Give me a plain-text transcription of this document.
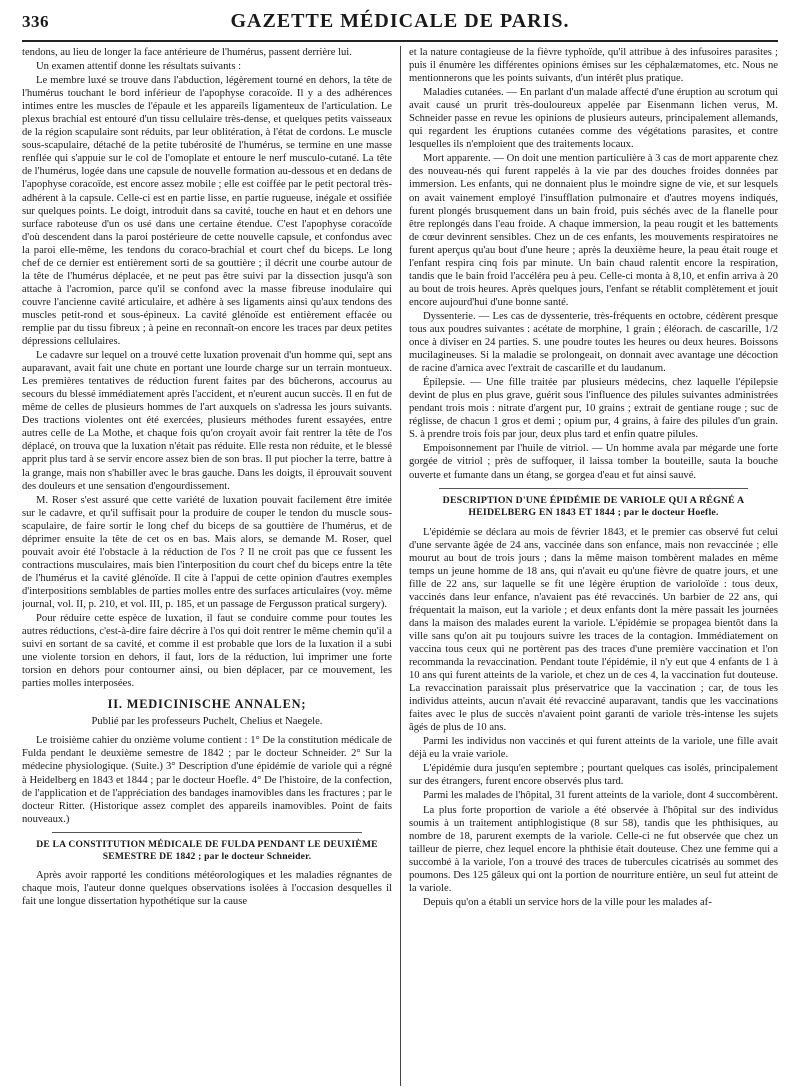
336	GAZETTE MÉDICALE DE PARIS.

tendons, au lieu de longer la face antérieure de l'humérus, passent derrière lui.

Un examen attentif donne les résultats suivants :

Le membre luxé se trouve dans l'abduction, légèrement tourné en dehors, la tête de l'humérus touchant le bord inférieur de l'apophyse coracoïde. Il y a des adhérences intimes entre les muscles de l'épaule et les appareils ligamenteux de l'articulation. Le plexus brachial est entouré d'un tissu cellulaire très-dense, et quelques petits vaisseaux de la région scapulaire sont réduits, par leur oblitération, à l'état de cordons. Le muscle sous-scapulaire, détaché de la petite tubérosité de l'humérus, se termine en une masse renflée qui s'appuie sur le col de l'omoplate et entoure le nerf musculo-cutané. La tête de l'humérus, logée dans une capsule de nouvelle formation au-dessous et en dedans de l'apophyse coracoïde, est encore assez mobile ; elle est coiffée par le petit pectoral très-adhérent à la capsule. Celle-ci est en partie lisse, en partie rugueuse, inégale et ossifiée sur quelques points. Le doigt, introduit dans sa cavité, touche en haut et en dehors une surface raboteuse d'un os usé dans une certaine étendue. C'est l'apophyse coracoïde d'où descendent dans la paroi postérieure de cette nouvelle capsule, et confondus avec la paroi elle-même, les tendons du coraco-brachial et court chef du biceps. Le long chef de ce dernier est entièrement sorti de sa gouttière ; il décrit une courbe autour de la tête de l'humérus déplacée, et ne peut pas être suivi par la dissection jusqu'à son attache à l'acromion, parce qu'il se confond avec la masse fibreuse inodulaire qui couvre l'ancienne cavité articulaire, et adhère à ses ligaments ainsi qu'aux tendons des muscles petit-rond et sous-épineux. La cavité glénoïde est entièrement effacée ou remplie par du tissu fibreux ; à peine en reconnaît-on encore les traces par deux petites dépressions cellulaires.

Le cadavre sur lequel on a trouvé cette luxation provenait d'un homme qui, sept ans auparavant, avait fait une chute en portant une lourde charge sur un terrain montueux. Les premières tentatives de réduction furent faites par des bûcherons, accourus au secours du blessé immédiatement après l'accident, et n'eurent aucun succès. Il en fut de même de celles de plusieurs hommes de l'art auxquels on s'adressa les jours suivants. Des tractions violentes ont été exercées, plusieurs méthodes furent essayées, entre autres celle de La Mothe, et chaque fois qu'on croyait avoir fait rentrer la tête de l'os déplacé, on trouva que la luxation n'était pas réduite. Elle resta non réduite, et le blessé apprit plus tard à se servir encore assez bien de son bras. Il put piocher la terre, battre à la grange, mais non s'habiller avec le bras gauche. Dans les doigts, il éprouvait souvent des douleurs et une sensation d'engourdissement.

M. Roser s'est assuré que cette variété de luxation pouvait facilement être imitée sur le cadavre, et qu'il suffisait pour la produire de couper le tendon du muscle sous-scapulaire, de faire sortir le long chef du biceps de sa gouttière de l'humérus, et de déprimer ensuite la tête de cet os en bas. Mais alors, se demande M. Roser, quel pouvait avoir été l'obstacle à la réduction de l'os ? Il ne croit pas que ce fussent les contractions musculaires, mais bien l'interposition du court chef du biceps entre la tête de l'humérus et la cavité glénoïde. Il cite à l'appui de cette opinion d'autres exemples d'interpositions semblables de parties molles entre des surfaces articulaires (voy. même journal, vol. II, p. 210, et vol. III, p. 185, et un passage de Fergusson pratical surgery).

Pour réduire cette espèce de luxation, il faut se conduire comme pour toutes les autres réductions, c'est-à-dire faire décrire à l'os qui doit rentrer le même chemin qu'il a suivi en sortant de sa cavité, et comme il est probable que lors de la luxation il a subi une violente torsion en dehors, il faut, lors de la réduction, lui imprimer une forte torsion en dehors pour contourner ainsi, ou bien déplacer, par ce mouvement, les parties molles interposées.

II. MEDICINISCHE ANNALEN;
Publié par les professeurs Puchelt, Chelius et Naegele.

Le troisième cahier du onzième volume contient : 1° De la constitution médicale de Fulda pendant le deuxième semestre de 1842 ; par le docteur Schneider. 2° Sur la médecine physiologique. (Suite.) 3° Description d'une épidémie de variole qui a régné à Heidelberg en 1843 et 1844 ; par le docteur Hoefle. 4° De l'histoire, de la confection, de l'application et de l'appréciation des bandages inamovibles dans les fractures ; par le docteur Ritter. (Historique assez complet des appareils inamovibles. Point de faits nouveaux.)

DE LA CONSTITUTION MÉDICALE DE FULDA PENDANT LE DEUXIÈME SEMESTRE DE 1842 ; par le docteur Schneider.

Après avoir rapporté les conditions météorologiques et les maladies régnantes de chaque mois, l'auteur donne quelques observations isolées à l'occasion desquelles il fait une longue dissertation hypothétique sur la cause

et la nature contagieuse de la fièvre typhoïde, qu'il attribue à des infusoires parasites ; puis il énumère les différentes opinions émises sur les céphalæmatomes, etc. Nous ne mentionnerons que les points suivants, d'un intérêt plus pratique.

Maladies cutanées. — En parlant d'un malade affecté d'une éruption au scrotum qui avait causé un prurit très-douloureux appelée par Eisenmann lichen verus, M. Schneider passe en revue les opinions de plusieurs auteurs, principalement allemands, qui regardent les éruptions cutanées comme des végétations parasites, et contre lesquelles ils n'emploient que des traitements locaux.

Mort apparente. — On doit une mention particulière à 3 cas de mort apparente chez des nouveau-nés qui furent rappelés à la vie par des douches froides données par immersion. Les enfants, qui ne donnaient plus le moindre signe de vie, et sur lesquels on avait vainement employé l'insufflation pulmonaire et d'autres moyens indiqués, furent plongés brusquement dans un bain froid, puis séchés avec de la flanelle pour être replongés dans l'eau froide. A chaque immersion, la peau rougit et les battements de cœur devinrent sensibles. Chez un de ces enfants, les mouvements respiratoires ne furent aperçus qu'au bout d'une heure ; après la deuxième heure, la peau était rouge et l'enfant respira cinq fois par minute. Un bain chaud ralentit encore la respiration, tandis que le bain froid l'accéléra peu à peu. Celle-ci monta à 8,10, et enfin arriva à 20 au bout de trois heures. Après quelques jours, l'enfant se rétablit complètement et jouit encore aujourd'hui d'une bonne santé.

Dyssenterie. — Les cas de dyssenterie, très-fréquents en octobre, cédèrent presque tous aux poudres suivantes : acétate de morphine, 1 grain ; éléorach. de cascarille, 1/2 once à diviser en 24 parties. S. une poudre toutes les heures ou deux heures. Boissons mucilagineuses. Si la maladie se prolongeait, on donnait avec avantage une décoction de racine d'arnica avec l'extrait de cascarille et du laudanum.

Épilepsie. — Une fille traitée par plusieurs médecins, chez laquelle l'épilepsie devint de plus en plus grave, guérit sous l'influence des pilules suivantes administrées pendant trois mois : nitrate d'argent pur, 10 grains ; extrait de gentiane rouge ; suc de réglisse, de chacun 1 gros et demi ; opium pur, 4 grains, à faire des pilules d'un grain. S. à prendre trois fois par jour, deux plus tard et enfin quatre pilules.

Empoisonnement par l'huile de vitriol. — Un homme avala par mégarde une forte gorgée de vitriol ; près de suffoquer, il laissa tomber la bouteille, sauta la bouche ouverte et fumante dans un étang, se gorgea d'eau et fut ainsi sauvé.

DESCRIPTION D'UNE ÉPIDÉMIE DE VARIOLE QUI A RÉGNÉ A HEIDELBERG EN 1843 ET 1844 ; par le docteur Hoefle.

L'épidémie se déclara au mois de février 1843, et le premier cas observé fut celui d'une servante âgée de 24 ans, vaccinée dans son enfance, mais non revaccinée ; elle mourut au bout de trois jours ; dans la même maison tombèrent malades en même temps un jeune homme de 18 ans, qui n'avait eu qu'une fièvre de quatre jours, et une fille de 22 ans, sur laquelle se fit une légère éruption de varioloïde : tous deux, vaccinés dans leur enfance, n'avaient pas été revaccinés. Un barbier de 22 ans, qui fréquentait la maison, eut la variole ; et deux enfants dont la mère passait les journées dans la maison des malades eurent la variole. L'épidémie se propagea bientôt dans la ville sans qu'on ait pu toujours suivre les traces de la contagion. Immédiatement on vaccina tous ceux qui ne portèrent pas des traces d'une première vaccination et l'on recommanda la revaccination. Pendant toute l'épidémie, il n'y eut que 4 enfants de 1 à 10 ans qui furent atteints de la variole, et chez un de ces 4, la vaccination fut douteuse. La revaccination paraissait plus préservatrice que la vaccination ; car, de tous les individus atteints, aucun n'avait été revacciné auparavant, tandis que les vaccinations faites avec le plus de succès n'avaient point garanti de variole très-intense les sujets âgés de plus de 10 ans.

Parmi les individus non vaccinés et qui furent atteints de la variole, une fille avait déjà eu la vraie variole.

L'épidémie dura jusqu'en septembre ; pourtant quelques cas isolés, principalement sur des étrangers, furent encore observés plus tard.

Parmi les malades de l'hôpital, 31 furent atteints de la variole, dont 4 succombèrent.

La plus forte proportion de variole a été observée à l'hôpital sur des individus soumis à un traitement antiphlogistique (8 sur 58), tandis que les phthisiques, au nombre de 18, parurent exempts de la variole. Celle-ci ne fut observée que chez un tailleur de pierre, chez lequel encore la phthisie était douteuse. Chez une femme qui a succombé à la variole, l'on a trouvé des traces de tubercules cicatrisés au sommet des poumons. Des 125 gâleux qui ont la portion de nourriture entière, un seul fut atteint de la variole.

Depuis qu'on a établi un service hors de la ville pour les malades af-
